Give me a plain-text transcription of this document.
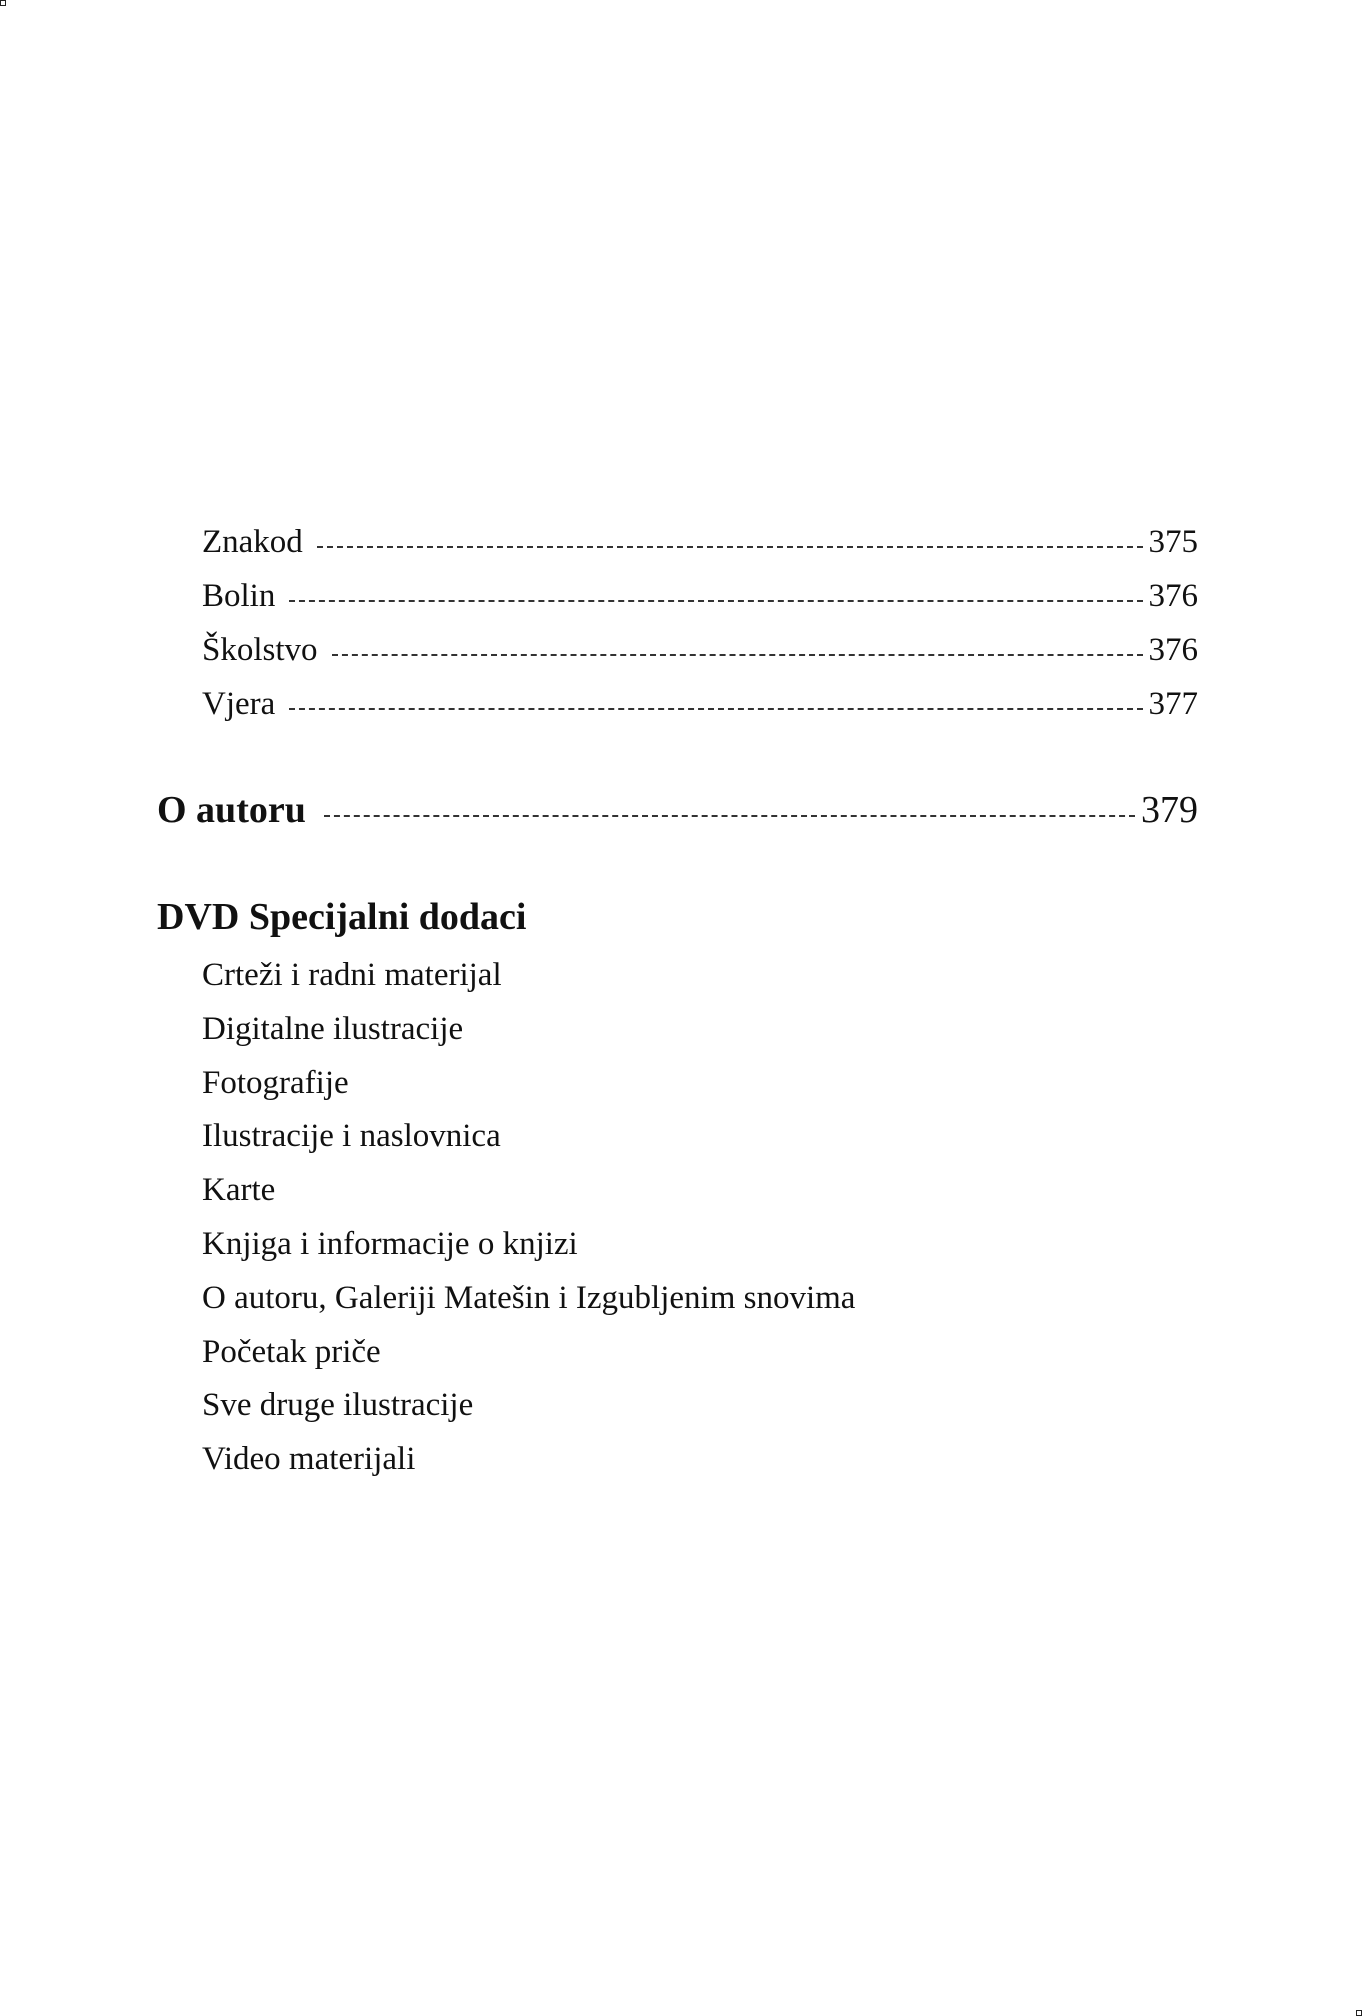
Znakod	375
Bolin	376
Školstvo	376
Vjera	377
O autoru	379
DVD Specijalni dodaci
Crteži i radni materijal
Digitalne ilustracije
Fotografije
Ilustracije i naslovnica
Karte
Knjiga i informacije o knjizi
O autoru, Galeriji Matešin i Izgubljenim snovima
Početak priče
Sve druge ilustracije
Video materijali
